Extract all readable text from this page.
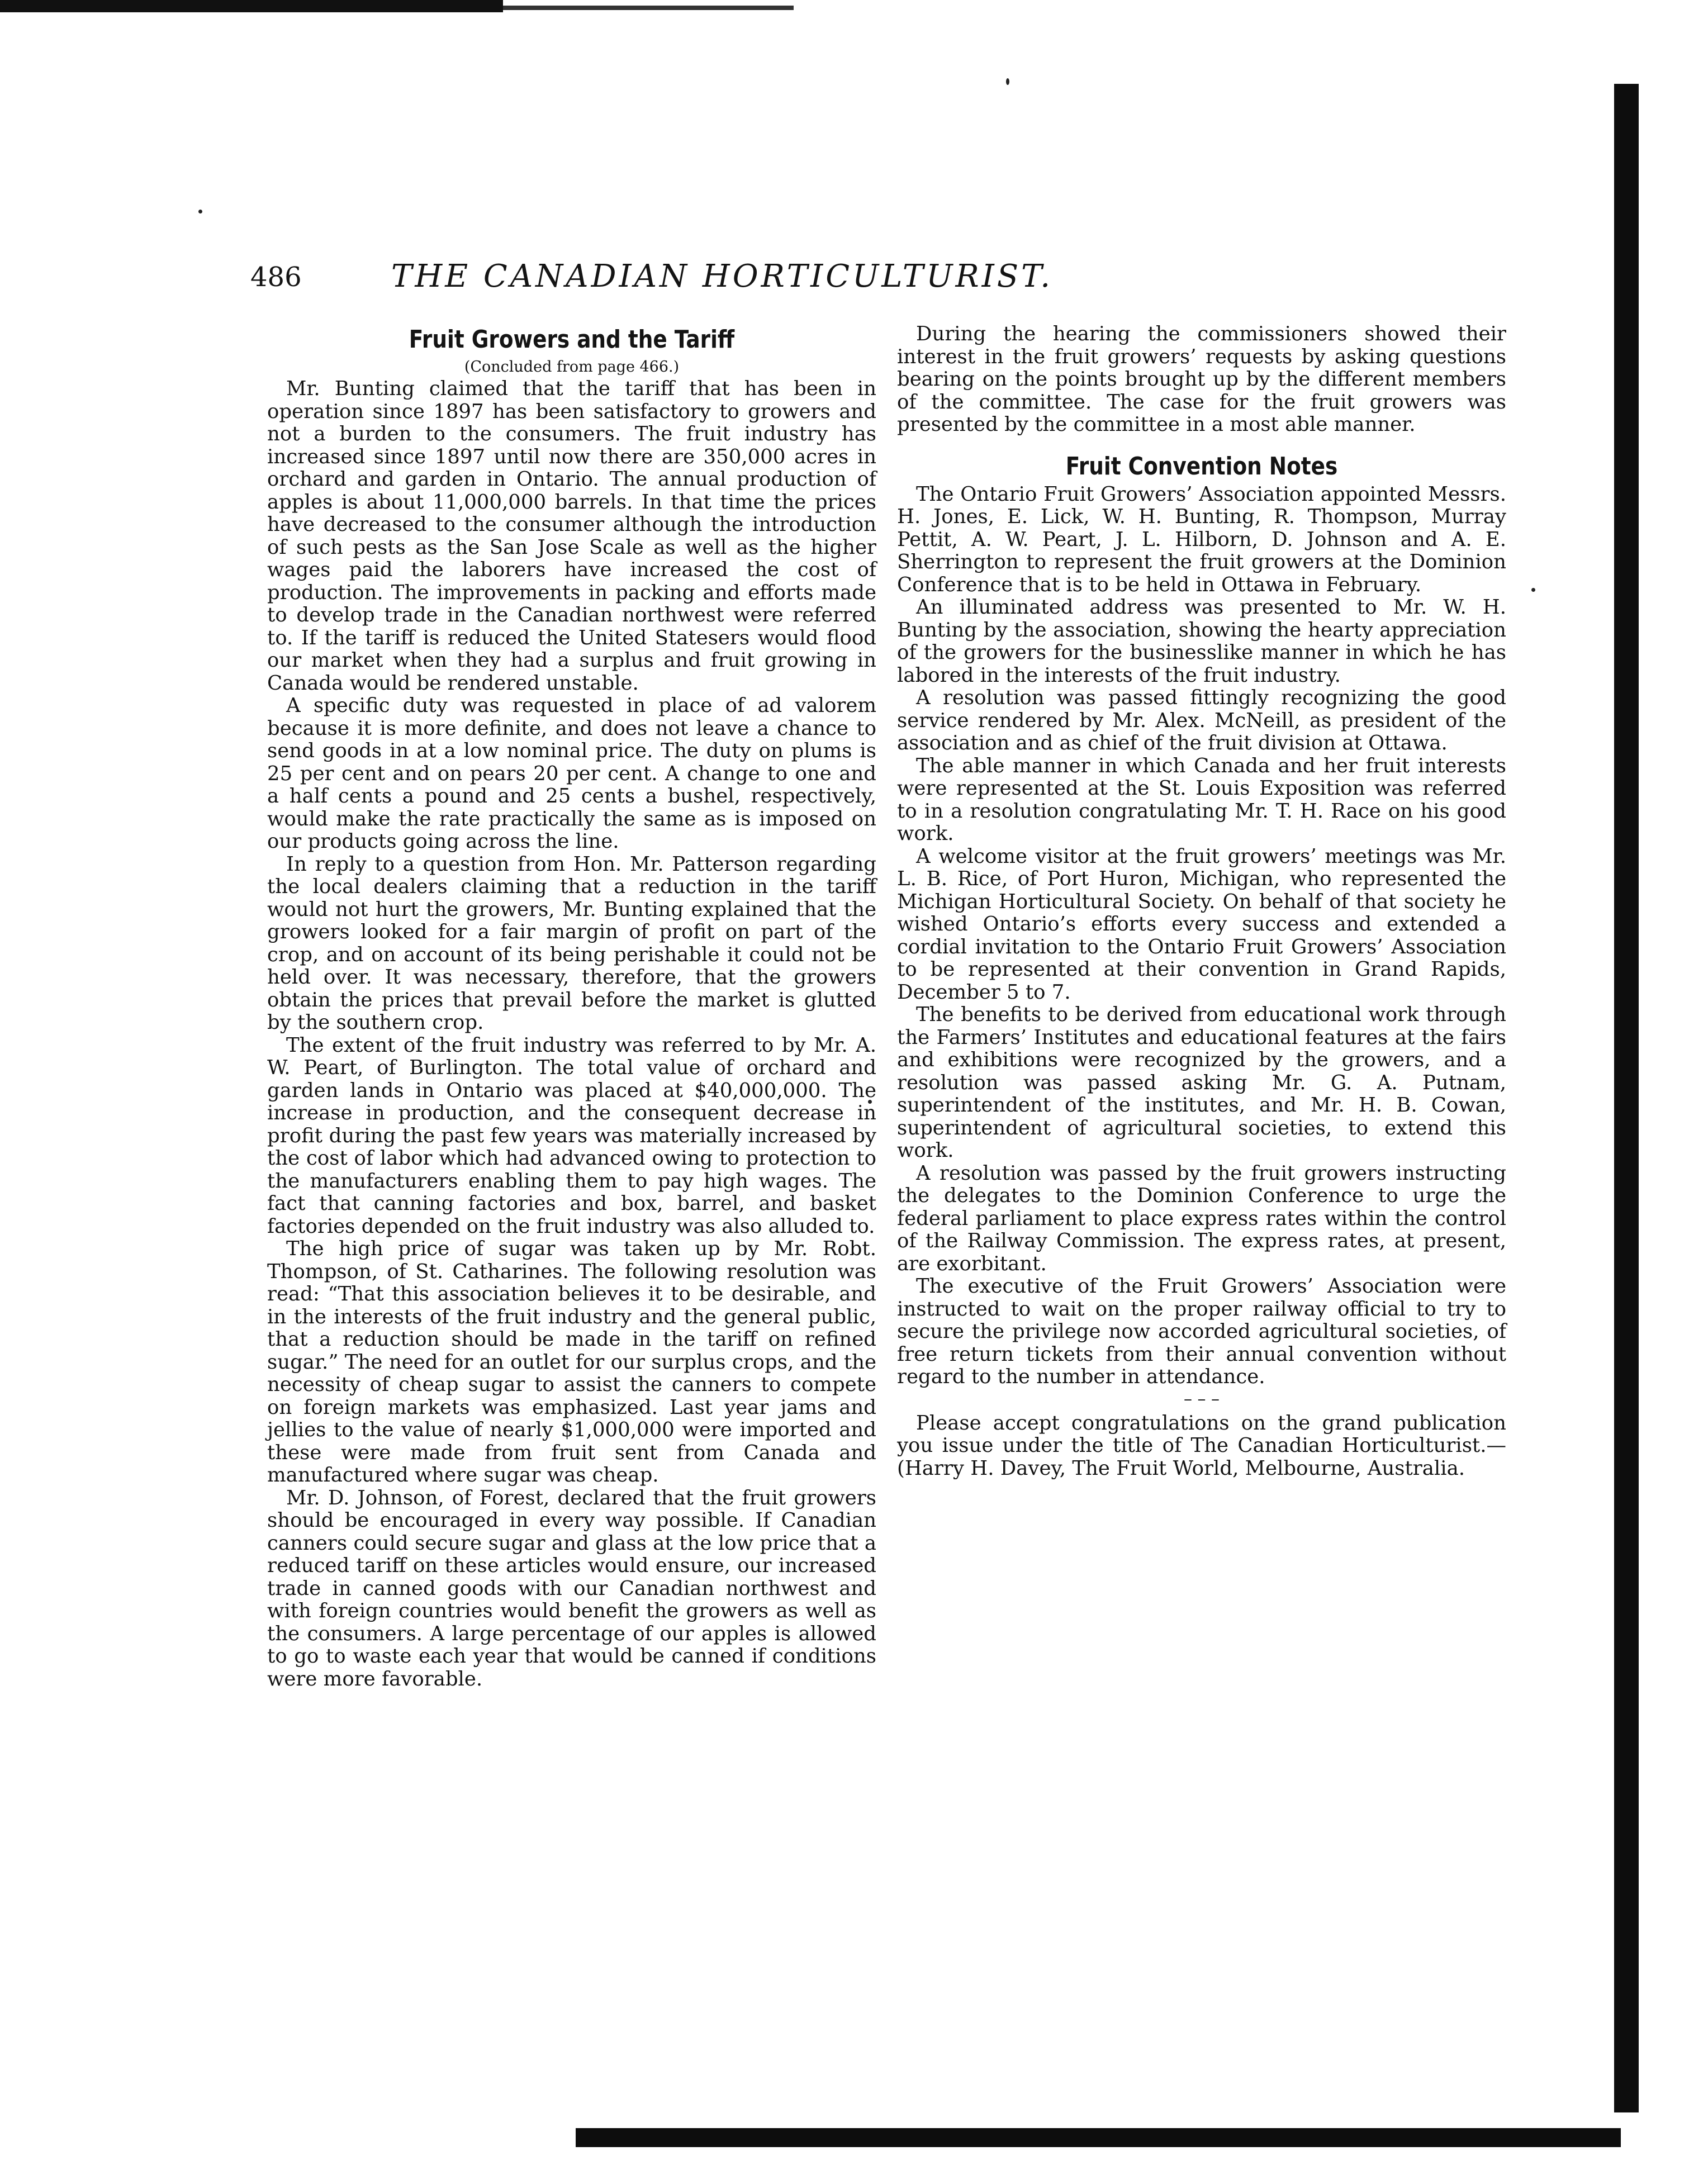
486	THE CANADIAN HORTICULTURIST.
Fruit Growers and the Tariff
(Concluded from page 466.)

Mr. Bunting claimed that the tariff that has been in operation since 1897 has been satisfactory to growers and not a burden to the consumers. The fruit industry has increased since 1897 until now there are 350,000 acres in orchard and garden in Ontario. The annual production of apples is about 11,000,000 barrels. In that time the prices have decreased to the consumer although the introduction of such pests as the San Jose Scale as well as the higher wages paid the laborers have increased the cost of production. The improvements in packing and efforts made to develop trade in the Canadian northwest were referred to. If the tariff is reduced the United Statesers would flood our market when they had a surplus and fruit growing in Canada would be rendered unstable.

A specific duty was requested in place of ad valorem because it is more definite, and does not leave a chance to send goods in at a low nominal price. The duty on plums is 25 per cent and on pears 20 per cent. A change to one and a half cents a pound and 25 cents a bushel, respectively, would make the rate practically the same as is imposed on our products going across the line.

In reply to a question from Hon. Mr. Patterson regarding the local dealers claiming that a reduction in the tariff would not hurt the growers, Mr. Bunting explained that the growers looked for a fair margin of profit on part of the crop, and on account of its being perishable it could not be held over. It was necessary, therefore, that the growers obtain the prices that prevail before the market is glutted by the southern crop.

The extent of the fruit industry was referred to by Mr. A. W. Peart, of Burlington. The total value of orchard and garden lands in Ontario was placed at $40,000,000. The increase in production, and the consequent decrease in profit during the past few years was materially increased by the cost of labor which had advanced owing to protection to the manufacturers enabling them to pay high wages. The fact that canning factories and box, barrel, and basket factories depended on the fruit industry was also alluded to.

The high price of sugar was taken up by Mr. Robt. Thompson, of St. Catharines. The following resolution was read: “That this association believes it to be desirable, and in the interests of the fruit industry and the general public, that a reduction should be made in the tariff on refined sugar.” The need for an outlet for our surplus crops, and the necessity of cheap sugar to assist the canners to compete on foreign markets was emphasized. Last year jams and jellies to the value of nearly $1,000,000 were imported and these were made from fruit sent from Canada and manufactured where sugar was cheap.

Mr. D. Johnson, of Forest, declared that the fruit growers should be encouraged in every way possible. If Canadian canners could secure sugar and glass at the low price that a reduced tariff on these articles would ensure, our increased trade in canned goods with our Canadian northwest and with foreign countries would benefit the growers as well as the consumers. A large percentage of our apples is allowed to go to waste each year that would be canned if conditions were more favorable.

During the hearing the commissioners showed their interest in the fruit growers’ requests by asking questions bearing on the points brought up by the different members of the committee. The case for the fruit growers was presented by the committee in a most able manner.

Fruit Convention Notes

The Ontario Fruit Growers’ Association appointed Messrs. H. Jones, E. Lick, W. H. Bunting, R. Thompson, Murray Pettit, A. W. Peart, J. L. Hilborn, D. Johnson and A. E. Sherrington to represent the fruit growers at the Dominion Conference that is to be held in Ottawa in February.

An illuminated address was presented to Mr. W. H. Bunting by the association, showing the hearty appreciation of the growers for the businesslike manner in which he has labored in the interests of the fruit industry.

A resolution was passed fittingly recognizing the good service rendered by Mr. Alex. McNeill, as president of the association and as chief of the fruit division at Ottawa.

The able manner in which Canada and her fruit interests were represented at the St. Louis Exposition was referred to in a resolution congratulating Mr. T. H. Race on his good work.

A welcome visitor at the fruit growers’ meetings was Mr. L. B. Rice, of Port Huron, Michigan, who represented the Michigan Horticultural Society. On behalf of that society he wished Ontario’s efforts every success and extended a cordial invitation to the Ontario Fruit Growers’ Association to be represented at their convention in Grand Rapids, December 5 to 7.

The benefits to be derived from educational work through the Farmers’ Institutes and educational features at the fairs and exhibitions were recognized by the growers, and a resolution was passed asking Mr. G. A. Putnam, superintendent of the institutes, and Mr. H. B. Cowan, superintendent of agricultural societies, to extend this work.

A resolution was passed by the fruit growers instructing the delegates to the Dominion Conference to urge the federal parliament to place express rates within the control of the Railway Commission. The express rates, at present, are exorbitant.

The executive of the Fruit Growers’ Association were instructed to wait on the proper railway official to try to secure the privilege now accorded agricultural societies, of free return tickets from their annual convention without regard to the number in attendance.

– – –

Please accept congratulations on the grand publication you issue under the title of The Canadian Horticulturist.—(Harry H. Davey, The Fruit World, Melbourne, Australia.
